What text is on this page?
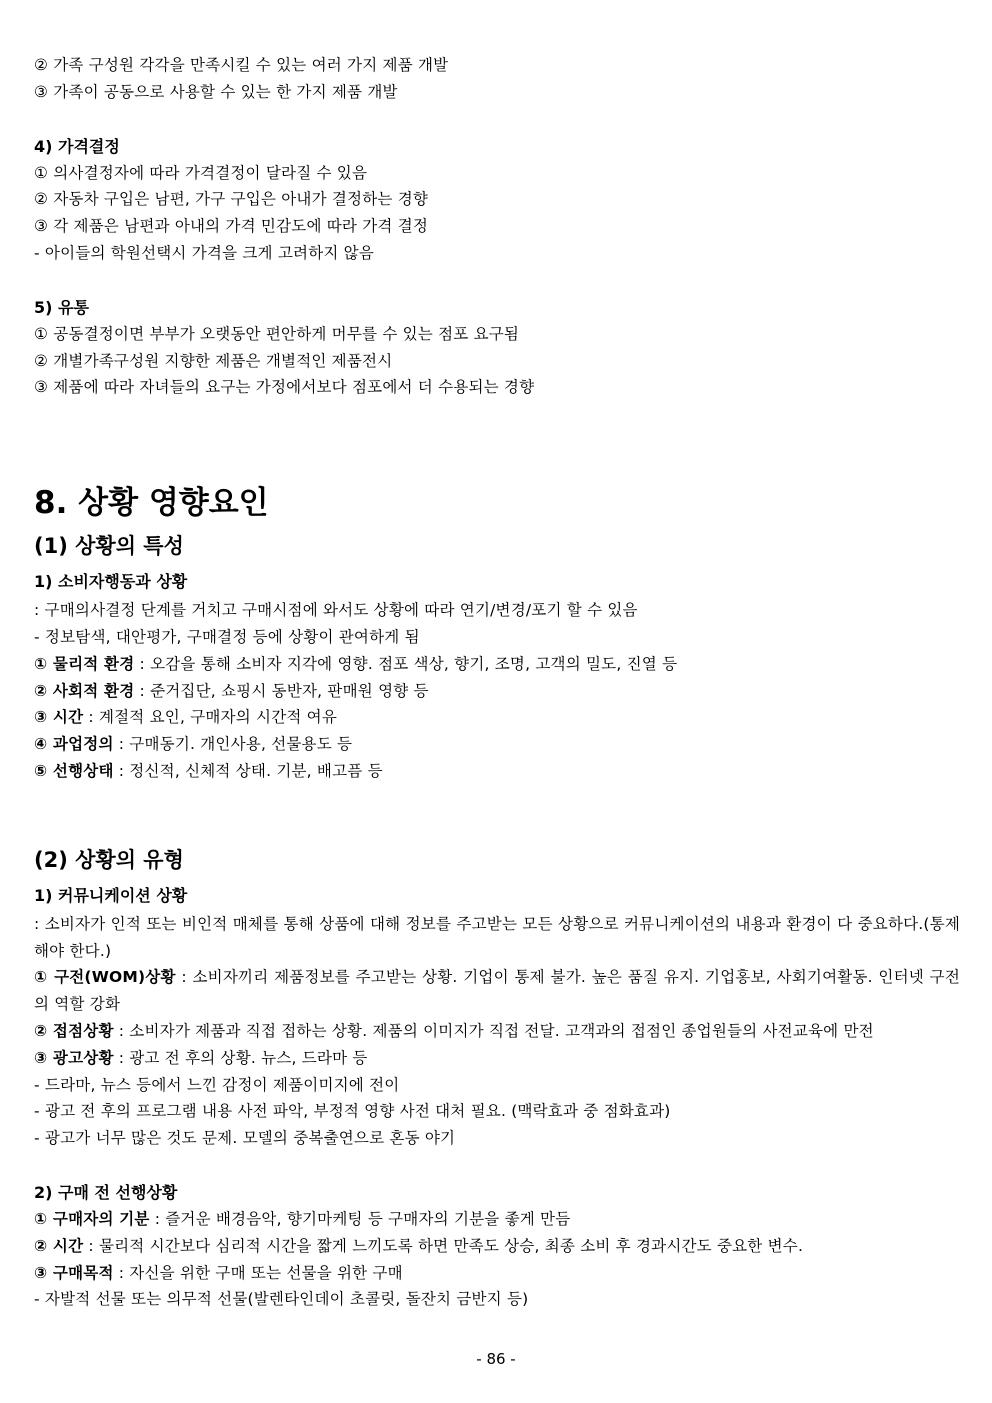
② 가족 구성원 각각을 만족시킬 수 있는 여러 가지 제품 개발
③ 가족이 공동으로 사용할 수 있는 한 가지 제품 개발
4) 가격결정
① 의사결정자에 따라 가격결정이 달라질 수 있음
② 자동차 구입은 남편, 가구 구입은 아내가 결정하는 경향
③ 각 제품은 남편과 아내의 가격 민감도에 따라 가격 결정
- 아이들의 학원선택시 가격을 크게 고려하지 않음
5) 유통
① 공동결정이면 부부가 오랫동안 편안하게 머무를 수 있는 점포 요구됨
② 개별가족구성원 지향한 제품은 개별적인 제품전시
③ 제품에 따라 자녀들의 요구는 가정에서보다 점포에서 더 수용되는 경향
8. 상황 영향요인
(1) 상황의 특성
1) 소비자행동과 상황
: 구매의사결정 단계를 거치고 구매시점에 와서도 상황에 따라 연기/변경/포기 할 수 있음
- 정보탐색, 대안평가, 구매결정 등에 상황이 관여하게 됨
① 물리적 환경 : 오감을 통해 소비자 지각에 영향. 점포 색상, 향기, 조명, 고객의 밀도, 진열 등
② 사회적 환경 : 준거집단, 쇼핑시 동반자, 판매원 영향 등
③ 시간 : 계절적 요인, 구매자의 시간적 여유
④ 과업정의 : 구매동기. 개인사용, 선물용도 등
⑤ 선행상태 : 정신적, 신체적 상태. 기분, 배고픔 등
(2) 상황의 유형
1) 커뮤니케이션 상황
: 소비자가 인적 또는 비인적 매체를 통해 상품에 대해 정보를 주고받는 모든 상황으로 커뮤니케이션의 내용과 환경이 다 중요하다.(통제해야 한다.)
① 구전(WOM)상황 : 소비자끼리 제품정보를 주고받는 상황. 기업이 통제 불가. 높은 품질 유지. 기업홍보, 사회기여활동. 인터넷 구전의 역할 강화
② 접점상황 : 소비자가 제품과 직접 접하는 상황. 제품의 이미지가 직접 전달. 고객과의 접점인 종업원들의 사전교육에 만전
③ 광고상황 : 광고 전 후의 상황. 뉴스, 드라마 등
- 드라마, 뉴스 등에서 느낀 감정이 제품이미지에 전이
- 광고 전 후의 프로그램 내용 사전 파악, 부정적 영향 사전 대처 필요. (맥락효과 중 점화효과)
- 광고가 너무 많은 것도 문제. 모델의 중복출연으로 혼동 야기
2) 구매 전 선행상황
① 구매자의 기분 : 즐거운 배경음악, 향기마케팅 등 구매자의 기분을 좋게 만듬
② 시간 : 물리적 시간보다 심리적 시간을 짧게 느끼도록 하면 만족도 상승, 최종 소비 후 경과시간도 중요한 변수.
③ 구매목적 : 자신을 위한 구매 또는 선물을 위한 구매
- 자발적 선물 또는 의무적 선물(발렌타인데이 초콜릿, 돌잔치 금반지 등)
- 86 -
